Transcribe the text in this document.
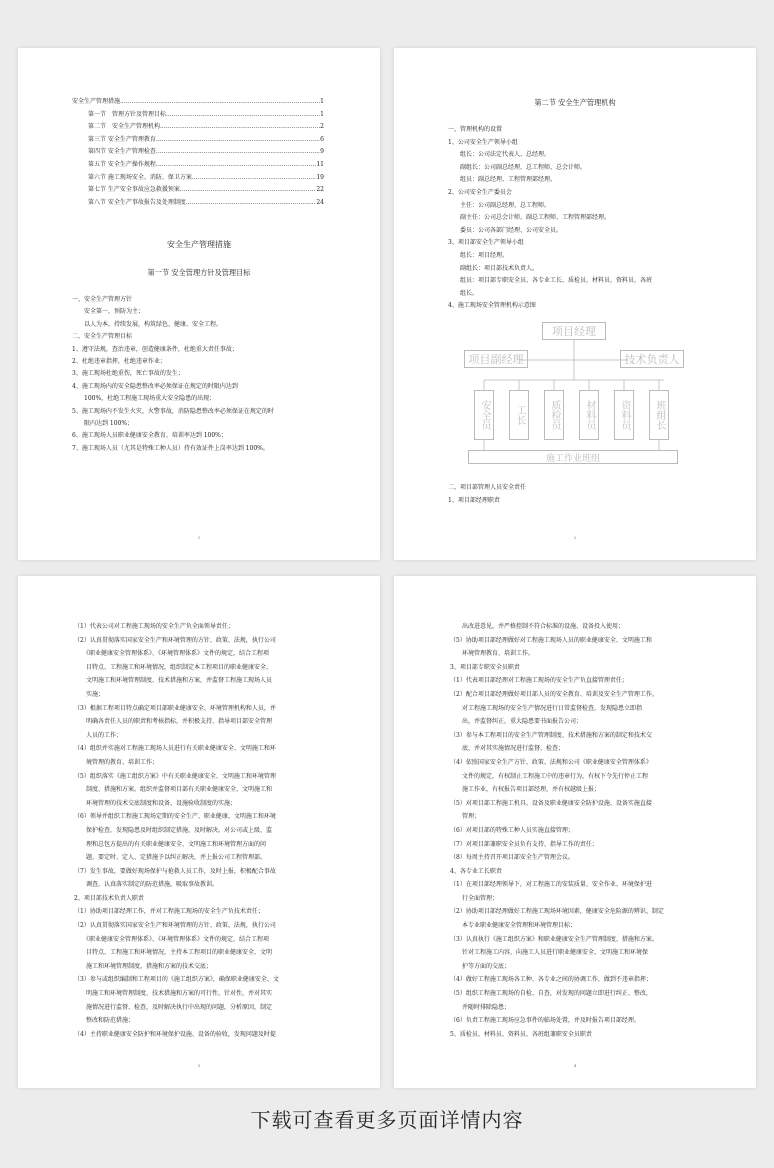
安全生产管理措施 .....	1
第一节　管理方针及管理目标 .....	1
第二节　安全生产管理机构 .....	2
第三节 安全生产管理教育 .....	6
第四节 安全生产管理检查 .....	9
第五节 安全生产操作规程 .....	11
第六节 施工现场安全、消防、保卫方案 .....	19
第七节 生产安全事故应急救援预案 .....	22
第八节 安全生产事故报告及处理制度 .....	24
安全生产管理措施
第一节 安全管理方针及管理目标
一、安全生产管理方针
　　安全第一，预防为主；
　　以人为本，持续发展，构筑绿色、健康、安全工程。
二、安全生产管理目标
1、遵守法规，查治违章，创造健康条件，杜绝重大责任事故；
2、杜绝违章指挥，杜绝违章作业；
3、施工现场杜绝重伤，死亡事故的发生；
4、施工现场内的安全隐患整改率必须保证在规定的时限内达到
　　100%，杜绝工程施工现场重大安全隐患的出现；
5、施工现场内不发生火灾、火警事故，消防隐患整改率必须保证在规定的时
　　限内达到 100%；
6、施工现场人员职业健康安全教育、培训率达到 100%；
7、施工现场人员（尤其是特殊工种人员）持有效证件上岗率达到 100%。
1
第二节 安全生产管理机构
一、管理机构的设置
1、公司安全生产领导小组
　　组长：公司法定代表人、总经理。
　　副组长：公司副总经理、总工程师、总会计师。
　　组员：副总经理、工程管理部经理。
2、公司安全生产委员会
　　主任：公司副总经理、总工程师。
　　副主任：公司总会计师、副总工程师、工程管理部经理。
　　委员：公司各部门经理、公司安全员。
3、项目部安全生产领导小组
　　组长：项目经理。
　　副组长：项目部技术负责人。
　　组员：项目部专职安全员、各专业工长、质检员、材料员、资料员、各班
　　组长。
4、施工现场安全管理机构示意图
项目经理
项目副经理	技术负责人
安全员	工长	质检员	材料员	资料员	班组长
施工作业班组
二、项目部管理人员安全责任
1、项目部经理职责
2
（1）代表公司对工程施工现场的安全生产负全面领导责任；
（2）认真贯彻落实国家安全生产和环境管理的方针、政策、法规，执行公司
　　《职业健康安全管理体系》、《环境管理体系》文件的规定，结合工程项
　　目特点、工程施工和环境情况，组织制定本工程项目的职业健康安全、
　　文明施工和环境管理制度、技术措施和方案，并监督工程施工现场人员
　　实施；
（3）根据工程项目特点确定项目部职业健康安全、环境管理机构和人员，并
　　明确各责任人员的职责和考核指标，并积极支持、指导项目部安全管理
　　人员的工作；
（4）组织并实施对工程施工现场人员进行有关职业健康安全、文明施工和环
　　境管理的教育、培训工作；
（5）组织落实《施工组织方案》中有关职业健康安全、文明施工和环境管理
　　制度、措施和方案。组织并监督项目部有关职业健康安全、文明施工和
　　环境管理的技术交底制度和设备、设施验收制度的实施；
（6）领导并组织工程施工现场定期的安全生产、职业健康、文明施工和环境
　　保护检查，发现隐患及时组织制定措施，及时解决。对公司或上级、监
　　理和总包方提出的有关职业健康安全、文明施工和环境管理方面的问
　　题，要定时、定人、定措施予以纠正解决，并上报公司工程管理部。
（7）发生事故，要做好现场保护与抢救人员工作，及时上报，积极配合事故
　　调查，认真落实制定的防范措施，吸取事故教训。
2、项目部技术负责人职责
（1）协助项目部经理工作，并对工程施工现场的安全生产负技术责任；
（2）认真贯彻落实国家安全生产和环境管理的方针、政策、法规，执行公司
　　《职业健康安全管理体系》、《环境管理体系》文件的规定，结合工程项
　　目特点、工程施工和环境情况，主持本工程项目的职业健康安全、文明
　　施工和环境管理制度、措施和方案的技术交底；
（3）参与或组织编制和工程项目的《施工组织方案》，确保职业健康安全、文
　　明施工和环境管理制度、技术措施和方案的可行性、针对性，并对其实
　　施情况进行监督、检查，及时解决执行中出现的问题，分析原因，制定
　　整改和防范措施；
（4）主持职业健康安全防护和环境保护设施、设备的验收，发现问题及时提
3
　　出改进意见，并严格控制不符合标准的设施、设备投入使用；
（5）协助项目部经理做好对工程施工现场人员的职业健康安全、文明施工和
　　环境管理教育、培训工作。
3、项目部专职安全员职责
（1）代表项目部经理对工程施工现场的安全生产负直接管理责任；
（2）配合项目部经理做好项目部人员的安全教育、培训及安全生产管理工作。
　　对工程施工现场的安全生产情况进行日常监督检查，发现隐患立即指
　　出，并监督纠正，重大隐患要书面报告公司；
（3）参与本工程项目的安全生产管理制度、技术措施和方案的制定和技术交
　　底，并对其实施情况进行监督、检查；
（4）依照国家安全生产方针、政策、法规和公司《职业健康安全管理体系》
　　文件的规定，有权制止工程施工中的违章行为，有权下令先行停止工程
　　施工作业，有权报告项目部经理，并有权越级上报；
（5）对项目部工程施工机具、设备及职业健康安全防护设施、设备实施直接
　　管理；
（6）对项目部的特殊工种人员实施直接管理；
（7）对项目部兼职安全员负有支持、指导工作的责任；
（8）每周主持召开项目部安全生产管理会议。
4、各专业工长职责
（1）在项目部经理领导下，对工程施工的安装质量、安全作业、环境保护进
　　行全面管理；
（2）协助项目部经理做好工程施工现场环境因素，健康安全危险源的辨识、制定
　　本专业职业健康安全管理和环境管理目标；
（3）认真执行《施工组织方案》和职业健康安全生产管理制度、措施和方案。
　　针对工程施工内容，向施工人员进行职业健康安全、文明施工和环境保
　　护等方面的交底；
（4）做好工程施工现场各工种、各专业之间的协调工作，做到不违章指挥；
（5）组织工程施工现场的自检、自查，对发现的问题立即进行纠正、整改，
　　并随时排除隐患；
（6）负责工程施工现场应急事件的临场处置，并及时报告项目部经理。
5、质检员、材料员、资料员、各班组兼职安全员职责
4
下载可查看更多页面详情内容
